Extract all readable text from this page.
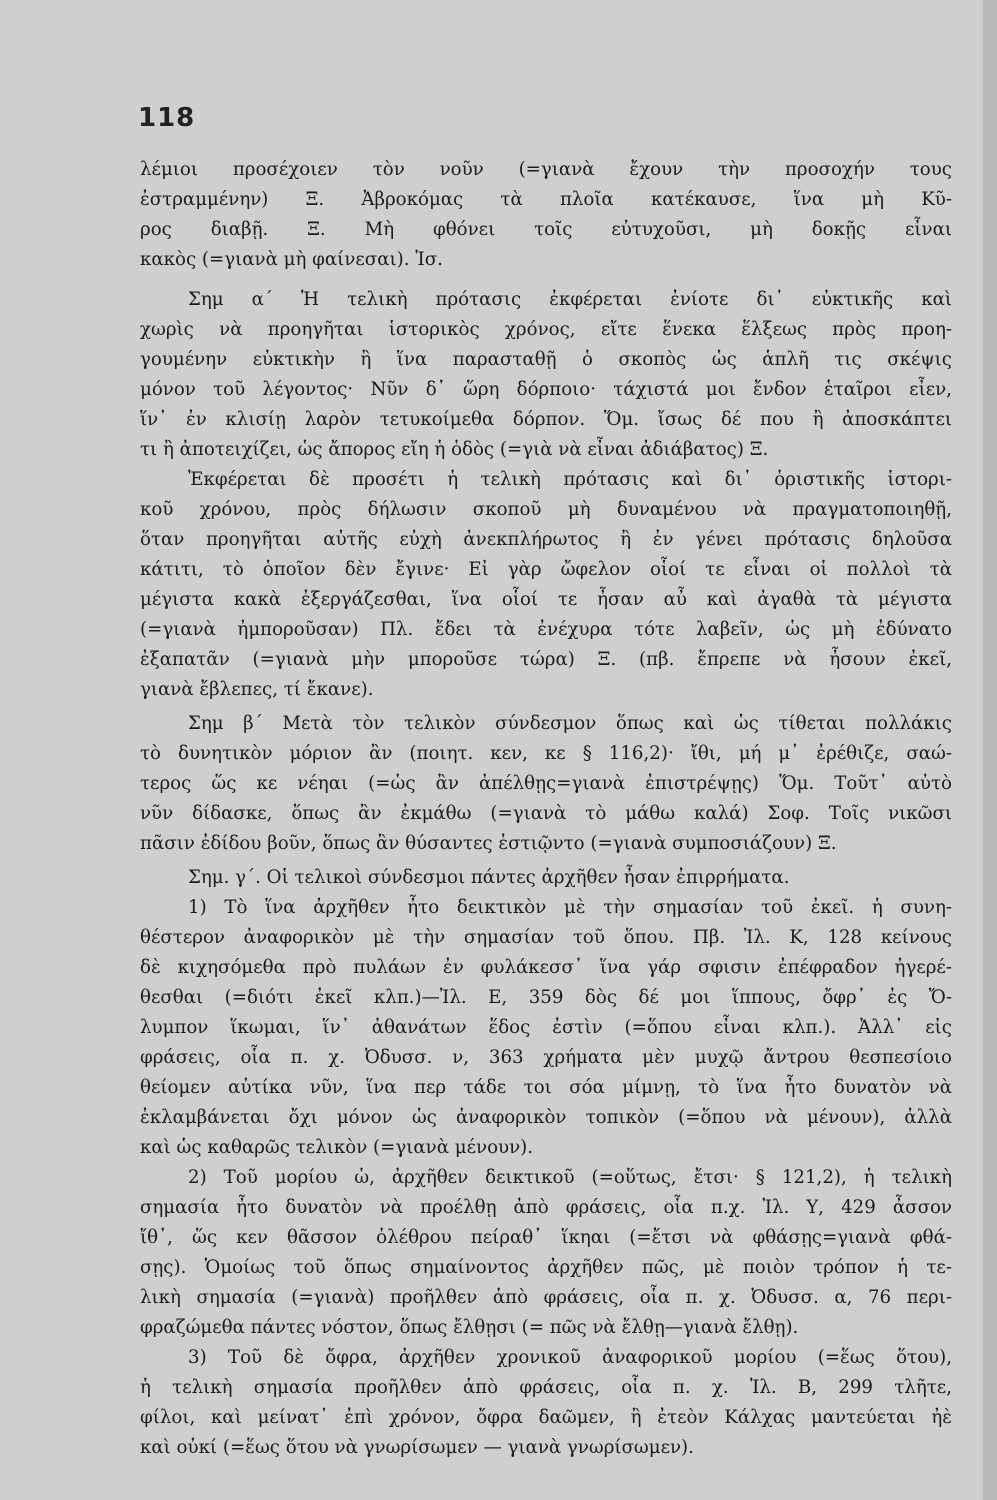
118
λέμιοι προσέχοιεν τὸν νοῦν (=γιανὰ ἔχουν τὴν προσοχήν τους
ἐστραμμένην) Ξ. Ἀβροκόμας τὰ πλοῖα κατέκαυσε, ἵνα μὴ Κῦ-
ρος διαβῇ. Ξ. Μὴ φθόνει τοῖς εὐτυχοῦσι, μὴ δοκῇς εἶναι
κακὸς (=γιανὰ μὴ φαίνεσαι). Ἰσ.
Σημ α΄ Ἡ τελικὴ πρότασις ἐκφέρεται ἐνίοτε δι᾽ εὐκτικῆς καὶ
χωρὶς νὰ προηγῆται ἱστορικὸς χρόνος, εἴτε ἕνεκα ἕλξεως πρὸς προη-
γουμένην εὐκτικὴν ἢ ἵνα παρασταθῇ ὁ σκοπὸς ὡς ἁπλῆ τις σκέψις
μόνον τοῦ λέγοντος· Νῦν δ᾽ ὥρη δόρποιο· τάχιστά μοι ἔνδον ἑταῖροι εἶεν,
ἵν᾽ ἐν κλισίῃ λαρὸν τετυκοίμεθα δόρπον. Ὅμ. ἴσως δέ που ἢ ἀποσκάπτει
τι ἢ ἀποτειχίζει, ὡς ἄπορος εἴη ἡ ὁδὸς (=γιὰ νὰ εἶναι ἀδιάβατος) Ξ.
Ἐκφέρεται δὲ προσέτι ἡ τελικὴ πρότασις καὶ δι᾽ ὁριστικῆς ἱστορι-
κοῦ χρόνου, πρὸς δήλωσιν σκοποῦ μὴ δυναμένου νὰ πραγματοποιηθῇ,
ὅταν προηγῆται αὐτῆς εὐχὴ ἀνεκπλήρωτος ἢ ἐν γένει πρότασις δηλοῦσα
κάτιτι, τὸ ὁποῖον δὲν ἔγινε· Εἰ γὰρ ὤφελον οἷοί τε εἶναι οἱ πολλοὶ τὰ
μέγιστα κακὰ ἐξεργάζεσθαι, ἵνα οἷοί τε ἦσαν αὖ καὶ ἀγαθὰ τὰ μέγιστα
(=γιανὰ ἠμποροῦσαν) Πλ. ἔδει τὰ ἐνέχυρα τότε λαβεῖν, ὡς μὴ ἐδύνατο
ἐξαπατᾶν (=γιανὰ μὴν μποροῦσε τώρα) Ξ. (πβ. ἔπρεπε νὰ ἦσουν ἐκεῖ,
γιανὰ ἔβλεπες, τί ἔκανε).
Σημ β΄ Μετὰ τὸν τελικὸν σύνδεσμον ὅπως καὶ ὡς τίθεται πολλάκις
τὸ δυνητικὸν μόριον ἂν (ποιητ. κεν, κε § 116,2)· ἴθι, μή μ᾽ ἐρέθιζε, σαώ-
τερος ὥς κε νέηαι (=ὡς ἂν ἀπέλθῃς=γιανὰ ἐπιστρέψῃς) Ὅμ. Τοῦτ᾽ αὐτὸ
νῦν δίδασκε, ὅπως ἂν ἐκμάθω (=γιανὰ τὸ μάθω καλά) Σοφ. Τοῖς νικῶσι
πᾶσιν ἐδίδου βοῦν, ὅπως ἂν θύσαντες ἑστιῷντο (=γιανὰ συμποσιάζουν) Ξ.
Σημ. γ΄. Οἱ τελικοὶ σύνδεσμοι πάντες ἀρχῆθεν ἦσαν ἐπιρρήματα.
1) Τὸ ἵνα ἀρχῆθεν ἦτο δεικτικὸν μὲ τὴν σημασίαν τοῦ ἐκεῖ. ἡ συνη-
θέστερον ἀναφορικὸν μὲ τὴν σημασίαν τοῦ ὅπου. Πβ. Ἰλ. Κ, 128 κείνους
δὲ κιχησόμεθα πρὸ πυλάων ἐν φυλάκεσσ᾽ ἵνα γάρ σφισιν ἐπέφραδον ἠγερέ-
θεσθαι (=διότι ἐκεῖ κλπ.)—Ἰλ. Ε, 359 δὸς δέ μοι ἵππους, ὄφρ᾽ ἐς Ὄ-
λυμπον ἵκωμαι, ἵν᾽ ἀθανάτων ἕδος ἐστὶν (=ὅπου εἶναι κλπ.). Ἀλλ᾽ εἰς
φράσεις, οἷα π. χ. Ὀδυσσ. ν, 363 χρήματα μὲν μυχῷ ἄντρου θεσπεσίοιο
θείομεν αὐτίκα νῦν, ἵνα περ τάδε τοι σόα μίμνῃ, τὸ ἵνα ἦτο δυνατὸν νὰ
ἐκλαμβάνεται ὄχι μόνον ὡς ἀναφορικὸν τοπικὸν (=ὅπου νὰ μένουν), ἀλλὰ
καὶ ὡς καθαρῶς τελικὸν (=γιανὰ μένουν).
2) Τοῦ μορίου ὡ, ἀρχῆθεν δεικτικοῦ (=οὕτως, ἔτσι· § 121,2), ἡ τελικὴ
σημασία ἦτο δυνατὸν νὰ προέλθῃ ἀπὸ φράσεις, οἷα π.χ. Ἰλ. Υ, 429 ἆσσον
ἴθ᾽, ὥς κεν θᾶσσον ὀλέθρου πείραθ᾽ ἵκηαι (=ἔτσι νὰ φθάσῃς=γιανὰ φθά-
σῃς). Ὁμοίως τοῦ ὅπως σημαίνοντος ἀρχῆθεν πῶς, μὲ ποιὸν τρόπον ἡ τε-
λικὴ σημασία (=γιανὰ) προῆλθεν ἀπὸ φράσεις, οἷα π. χ. Ὀδυσσ. α, 76 περι-
φραζώμεθα πάντες νόστον, ὅπως ἔλθῃσι (= πῶς νὰ ἔλθῃ—γιανὰ ἔλθῃ).
3) Τοῦ δὲ ὄφρα, ἀρχῆθεν χρονικοῦ ἀναφορικοῦ μορίου (=ἕως ὅτου),
ἡ τελικὴ σημασία προῆλθεν ἀπὸ φράσεις, οἷα π. χ. Ἰλ. Β, 299 τλῆτε,
φίλοι, καὶ μείνατ᾽ ἐπὶ χρόνον, ὄφρα δαῶμεν, ἢ ἐτεὸν Κάλχας μαντεύεται ἠὲ
καὶ οὐκί (=ἕως ὅτου νὰ γνωρίσωμεν — γιανὰ γνωρίσωμεν).
